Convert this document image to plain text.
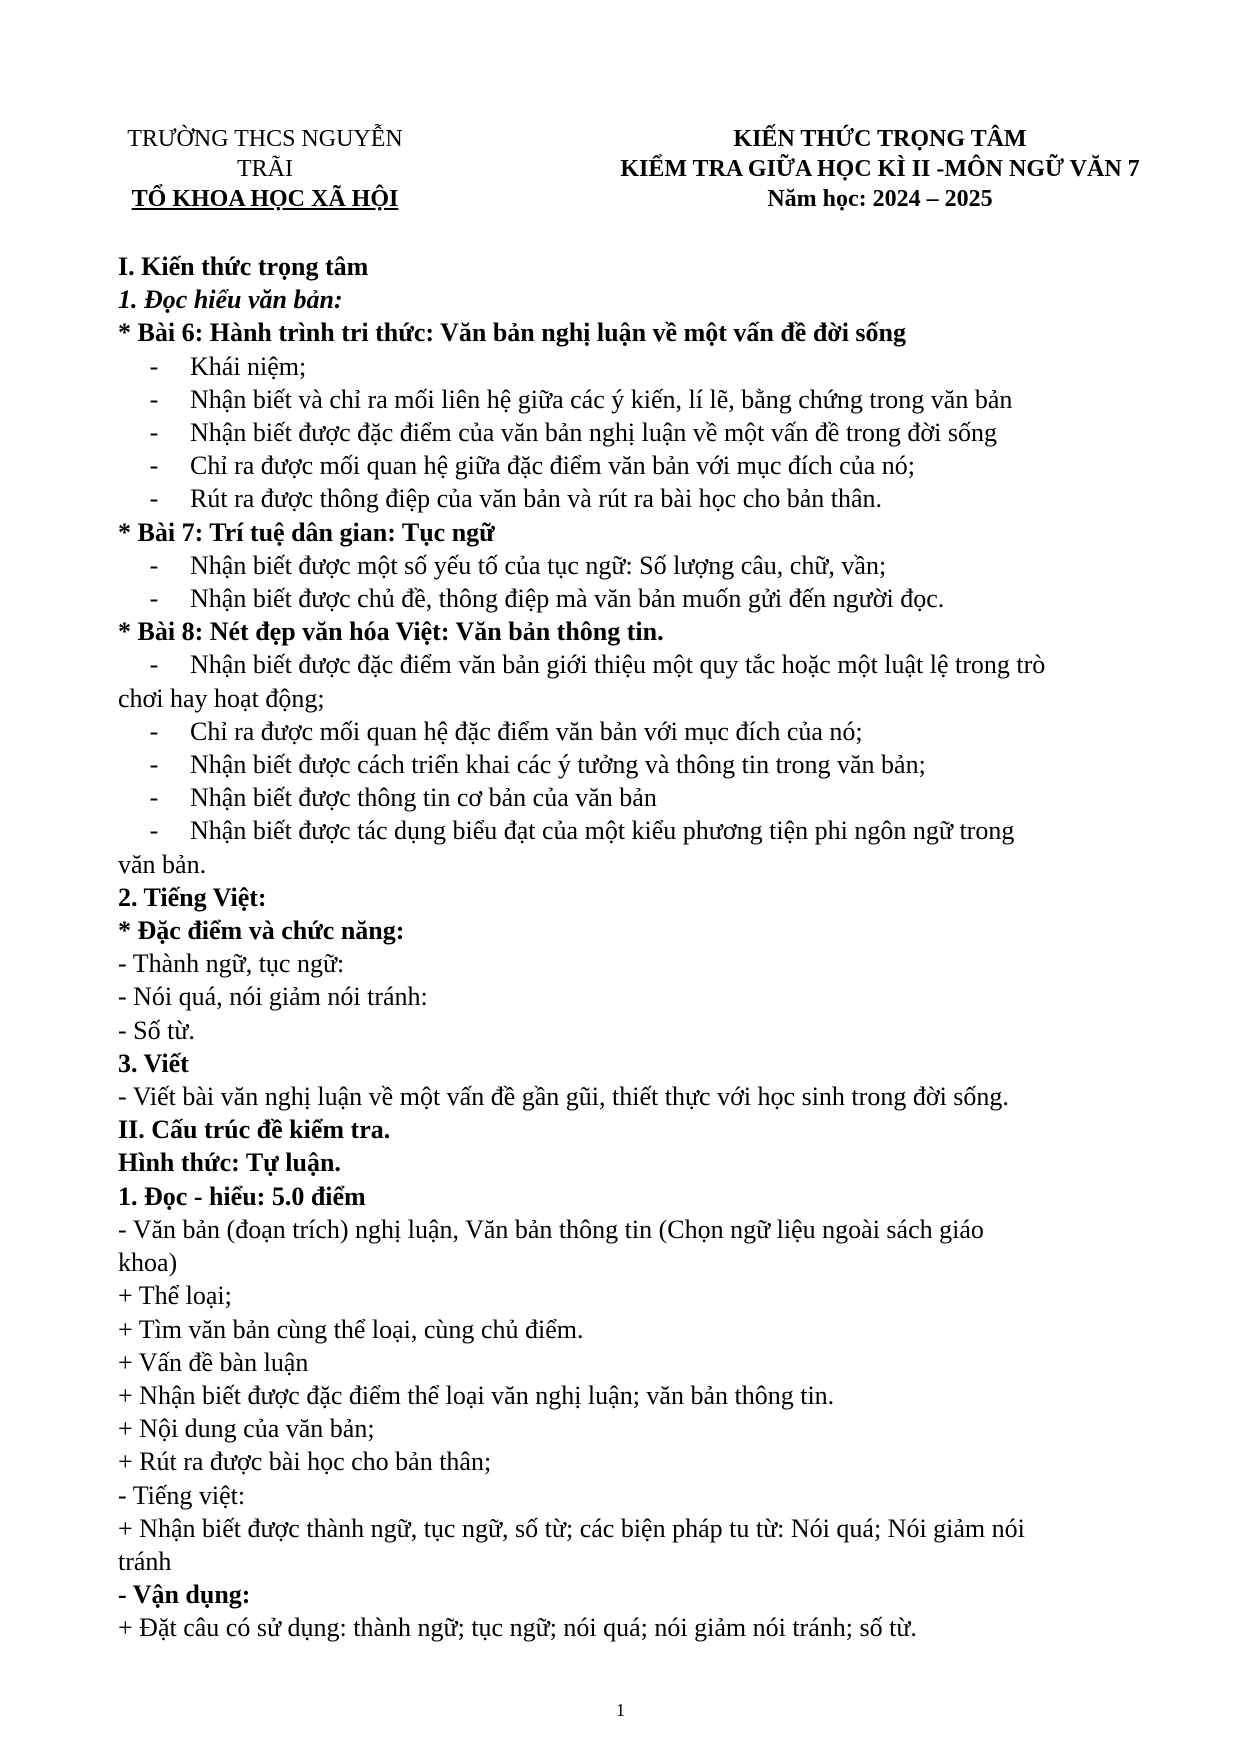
TRƯỜNG THCS NGUYỄN TRÃI
TỔ KHOA HỌC XÃ HỘI
KIẾN THỨC TRỌNG TÂM
KIỂM TRA GIỮA HỌC KÌ II -MÔN NGỮ VĂN 7
Năm học: 2024 – 2025
I. Kiến thức trọng tâm
1. Đọc hiểu văn bản:
* Bài 6: Hành trình tri thức: Văn bản nghị luận về một vấn đề đời sống
- Khái niệm;
- Nhận biết và chỉ ra mối liên hệ giữa các ý kiến, lí lẽ, bằng chứng trong văn bản
- Nhận biết được đặc điểm của văn bản nghị luận về một vấn đề trong đời sống
- Chỉ ra được mối quan hệ giữa đặc điểm văn bản với mục đích của nó;
- Rút ra được thông điệp của văn bản và rút ra bài học cho bản thân.
* Bài 7: Trí tuệ dân gian: Tục ngữ
- Nhận biết được một số yếu tố của tục ngữ: Số lượng câu, chữ, vần;
- Nhận biết được chủ đề, thông điệp mà văn bản muốn gửi đến người đọc.
* Bài 8: Nét đẹp văn hóa Việt: Văn bản thông tin.
- Nhận biết được đặc điểm văn bản giới thiệu một quy tắc hoặc một luật lệ trong trò
chơi hay hoạt động;
- Chỉ ra được mối quan hệ đặc điểm văn bản với mục đích của nó;
- Nhận biết được cách triển khai các ý tưởng và thông tin trong văn bản;
- Nhận biết được thông tin cơ bản của văn bản
- Nhận biết được tác dụng biểu đạt của một kiểu phương tiện phi ngôn ngữ trong
văn bản.
2. Tiếng Việt:
* Đặc điểm và chức năng:
- Thành ngữ, tục ngữ:
- Nói quá, nói giảm nói tránh:
- Số từ.
3. Viết
- Viết bài văn nghị luận về một vấn đề gần gũi, thiết thực với học sinh trong đời sống.
II. Cấu trúc đề kiểm tra.
Hình thức: Tự luận.
1. Đọc - hiểu: 5.0 điểm
- Văn bản (đoạn trích) nghị luận, Văn bản thông tin (Chọn ngữ liệu ngoài sách giáo
khoa)
+ Thể loại;
+ Tìm văn bản cùng thể loại, cùng chủ điểm.
+ Vấn đề bàn luận
+ Nhận biết được đặc điểm thể loại văn nghị luận; văn bản thông tin.
+ Nội dung của văn bản;
+ Rút ra được bài học cho bản thân;
- Tiếng việt:
+ Nhận biết được thành ngữ, tục ngữ, số từ; các biện pháp tu từ: Nói quá; Nói giảm nói
tránh
- Vận dụng:
+ Đặt câu có sử dụng: thành ngữ; tục ngữ; nói quá; nói giảm nói tránh; số từ.
1
